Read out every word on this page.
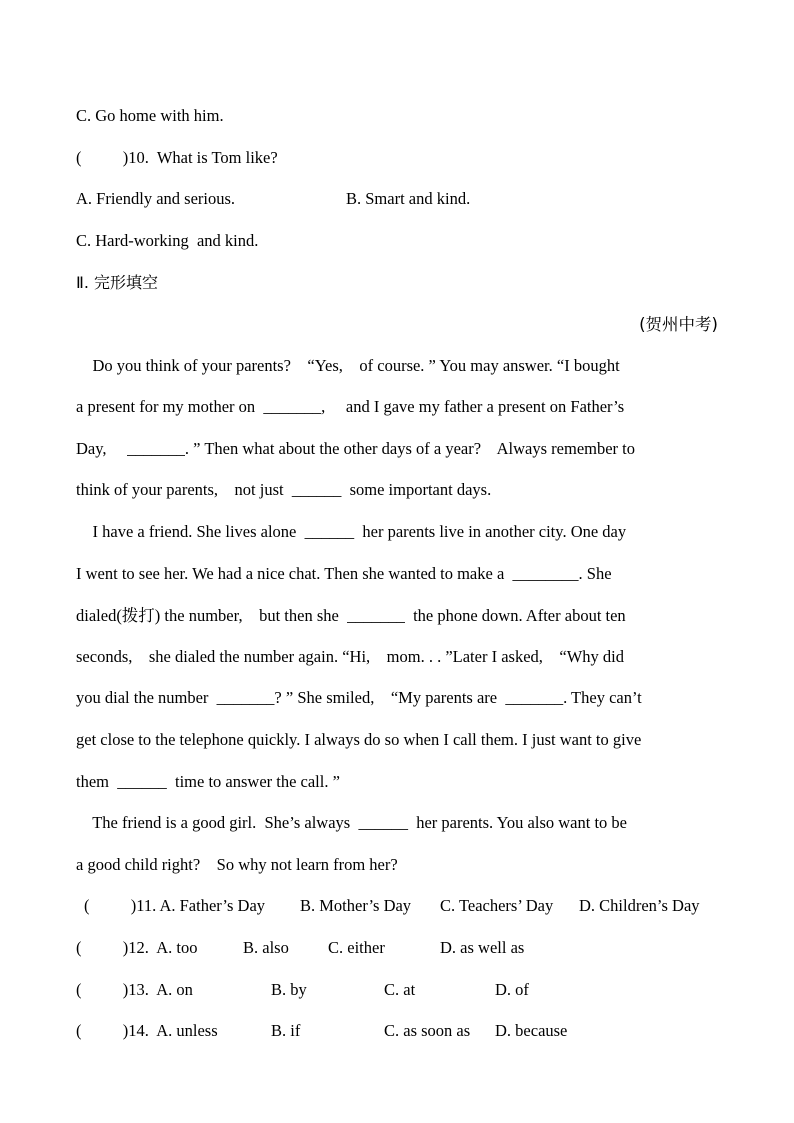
C. Go home with him.
(          )10.  What is Tom like?
A. Friendly and serious.	B. Smart and kind.
C. Hard-working  and kind.
Ⅱ. 完形填空
(贺州中考)
Do you think of your parents?    “Yes,    of course. ” You may answer. “I bought
a present for my mother on  _______,     and I gave my father a present on Father’s
Day,     _______. ” Then what about the other days of a year?    Always remember to
think of your parents,    not just  ______  some important days.
I have a friend. She lives alone  ______  her parents live in another city. One day
I went to see her. We had a nice chat. Then she wanted to make a  ________. She
dialed(拨打) the number,    but then she  _______  the phone down. After about ten
seconds,    she dialed the number again. “Hi,    mom. . . ”Later I asked,    “Why did
you dial the number  _______? ” She smiled,    “My parents are  _______. They can’t
get close to the telephone quickly. I always do so when I call them. I just want to give
them  ______  time to answer the call. ”
The friend is a good girl.  She’s always  ______  her parents. You also want to be
a good child right?    So why not learn from her?
(          )11. A. Father’s Day B. Mother’s Day C. Teachers’ Day D. Children’s Day
(          )12.  A. too	B. also C. either	D. as well as
(          )13.  A. on	B. by	C. at	D. of
(          )14.  A. unless	B. if	C. as soon as D. because
